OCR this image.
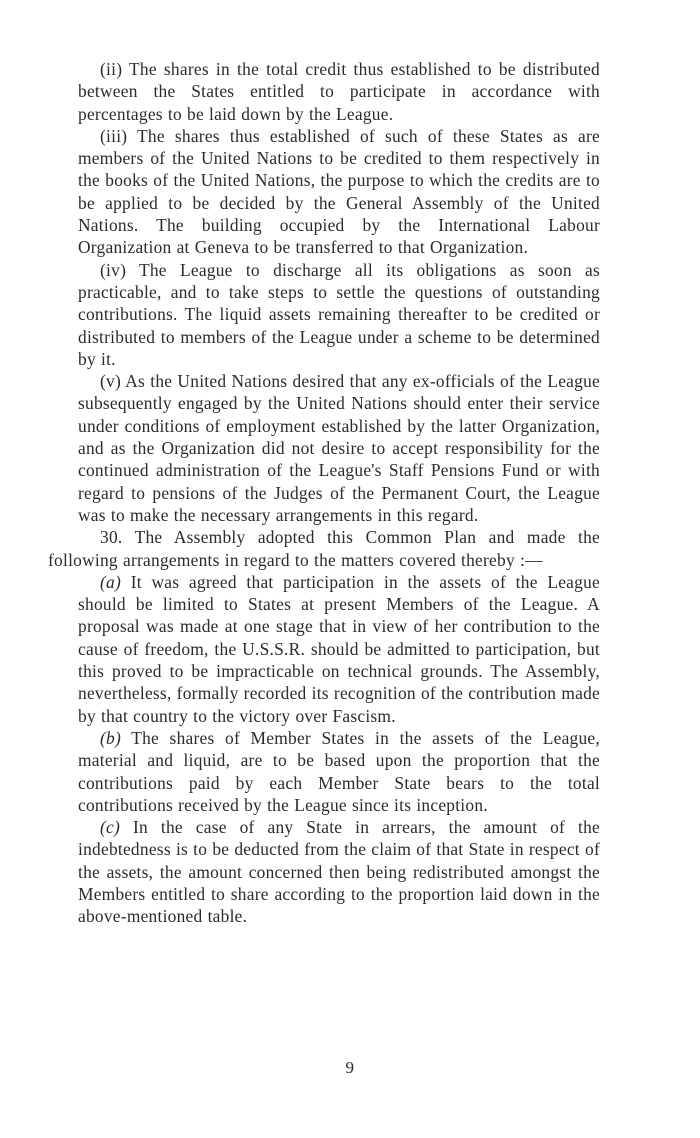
(ii) The shares in the total credit thus established to be distributed between the States entitled to participate in accordance with percentages to be laid down by the League.

(iii) The shares thus established of such of these States as are members of the United Nations to be credited to them respectively in the books of the United Nations, the purpose to which the credits are to be applied to be decided by the General Assembly of the United Nations. The building occupied by the International Labour Organization at Geneva to be transferred to that Organization.

(iv) The League to discharge all its obligations as soon as practicable, and to take steps to settle the questions of outstanding contributions. The liquid assets remaining thereafter to be credited or distributed to members of the League under a scheme to be determined by it.

(v) As the United Nations desired that any ex-officials of the League subsequently engaged by the United Nations should enter their service under conditions of employment established by the latter Organization, and as the Organization did not desire to accept responsibility for the continued administration of the League's Staff Pensions Fund or with regard to pensions of the Judges of the Permanent Court, the League was to make the necessary arrangements in this regard.

30. The Assembly adopted this Common Plan and made the following arrangements in regard to the matters covered thereby :—

(a) It was agreed that participation in the assets of the League should be limited to States at present Members of the League. A proposal was made at one stage that in view of her contribution to the cause of freedom, the U.S.S.R. should be admitted to participation, but this proved to be impracticable on technical grounds. The Assembly, nevertheless, formally recorded its recognition of the contribution made by that country to the victory over Fascism.

(b) The shares of Member States in the assets of the League, material and liquid, are to be based upon the proportion that the contributions paid by each Member State bears to the total contributions received by the League since its inception.

(c) In the case of any State in arrears, the amount of the indebtedness is to be deducted from the claim of that State in respect of the assets, the amount concerned then being redistributed amongst the Members entitled to share according to the proportion laid down in the above-mentioned table.

9
